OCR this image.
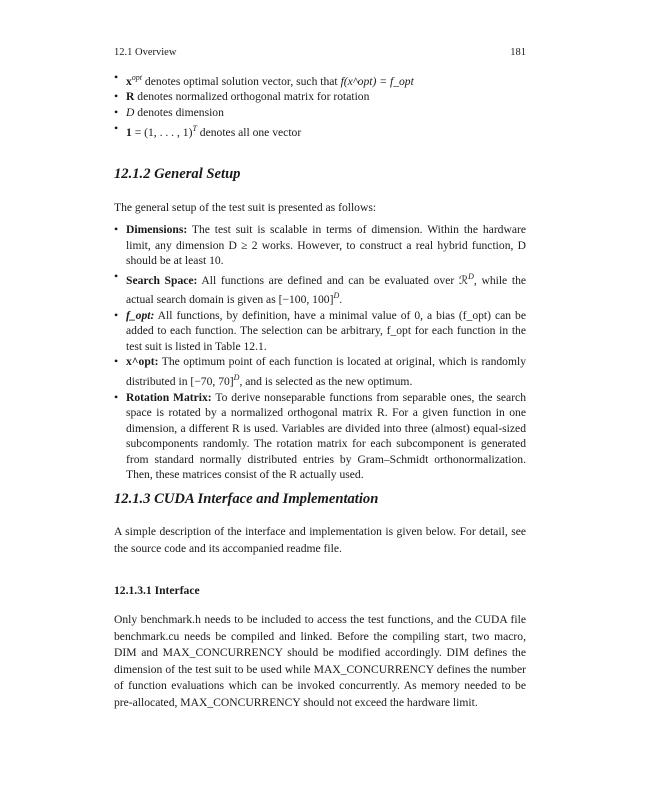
12.1 Overview	181
• $x^{opt}$ denotes optimal solution vector, such that f(x^opt) = f_opt
• R denotes normalized orthogonal matrix for rotation
• D denotes dimension
• 1 = (1, . . . , 1)$^T$ denotes all one vector
12.1.2 General Setup

The general setup of the test suit is presented as follows:

• Dimensions: The test suit is scalable in terms of dimension. Within the hardware limit, any dimension D ≥ 2 works. However, to construct a real hybrid function, D should be at least 10.
• Search Space: All functions are defined and can be evaluated over ℛ$^D$, while the actual search domain is given as [−100, 100]$^D$.
• f_opt: All functions, by definition, have a minimal value of 0, a bias (f_opt) can be added to each function. The selection can be arbitrary, f_opt for each function in the test suit is listed in Table 12.1.
• x^opt: The optimum point of each function is located at original, which is randomly distributed in [−70, 70]$^D$, and is selected as the new optimum.
• Rotation Matrix: To derive nonseparable functions from separable ones, the search space is rotated by a normalized orthogonal matrix R. For a given function in one dimension, a different R is used. Variables are divided into three (almost) equal-sized subcomponents randomly. The rotation matrix for each subcomponent is generated from standard normally distributed entries by Gram–Schmidt orthonormalization. Then, these matrices consist of the R actually used.
12.1.3 CUDA Interface and Implementation

A simple description of the interface and implementation is given below. For detail, see the source code and its accompanied readme file.

12.1.3.1 Interface

Only benchmark.h needs to be included to access the test functions, and the CUDA file benchmark.cu needs be compiled and linked. Before the compiling start, two macro, DIM and MAX_CONCURRENCY should be modified accordingly. DIM defines the dimension of the test suit to be used while MAX_CONCURRENCY defines the number of function evaluations which can be invoked concurrently. As memory needed to be pre-allocated, MAX_CONCURRENCY should not exceed the hardware limit.
